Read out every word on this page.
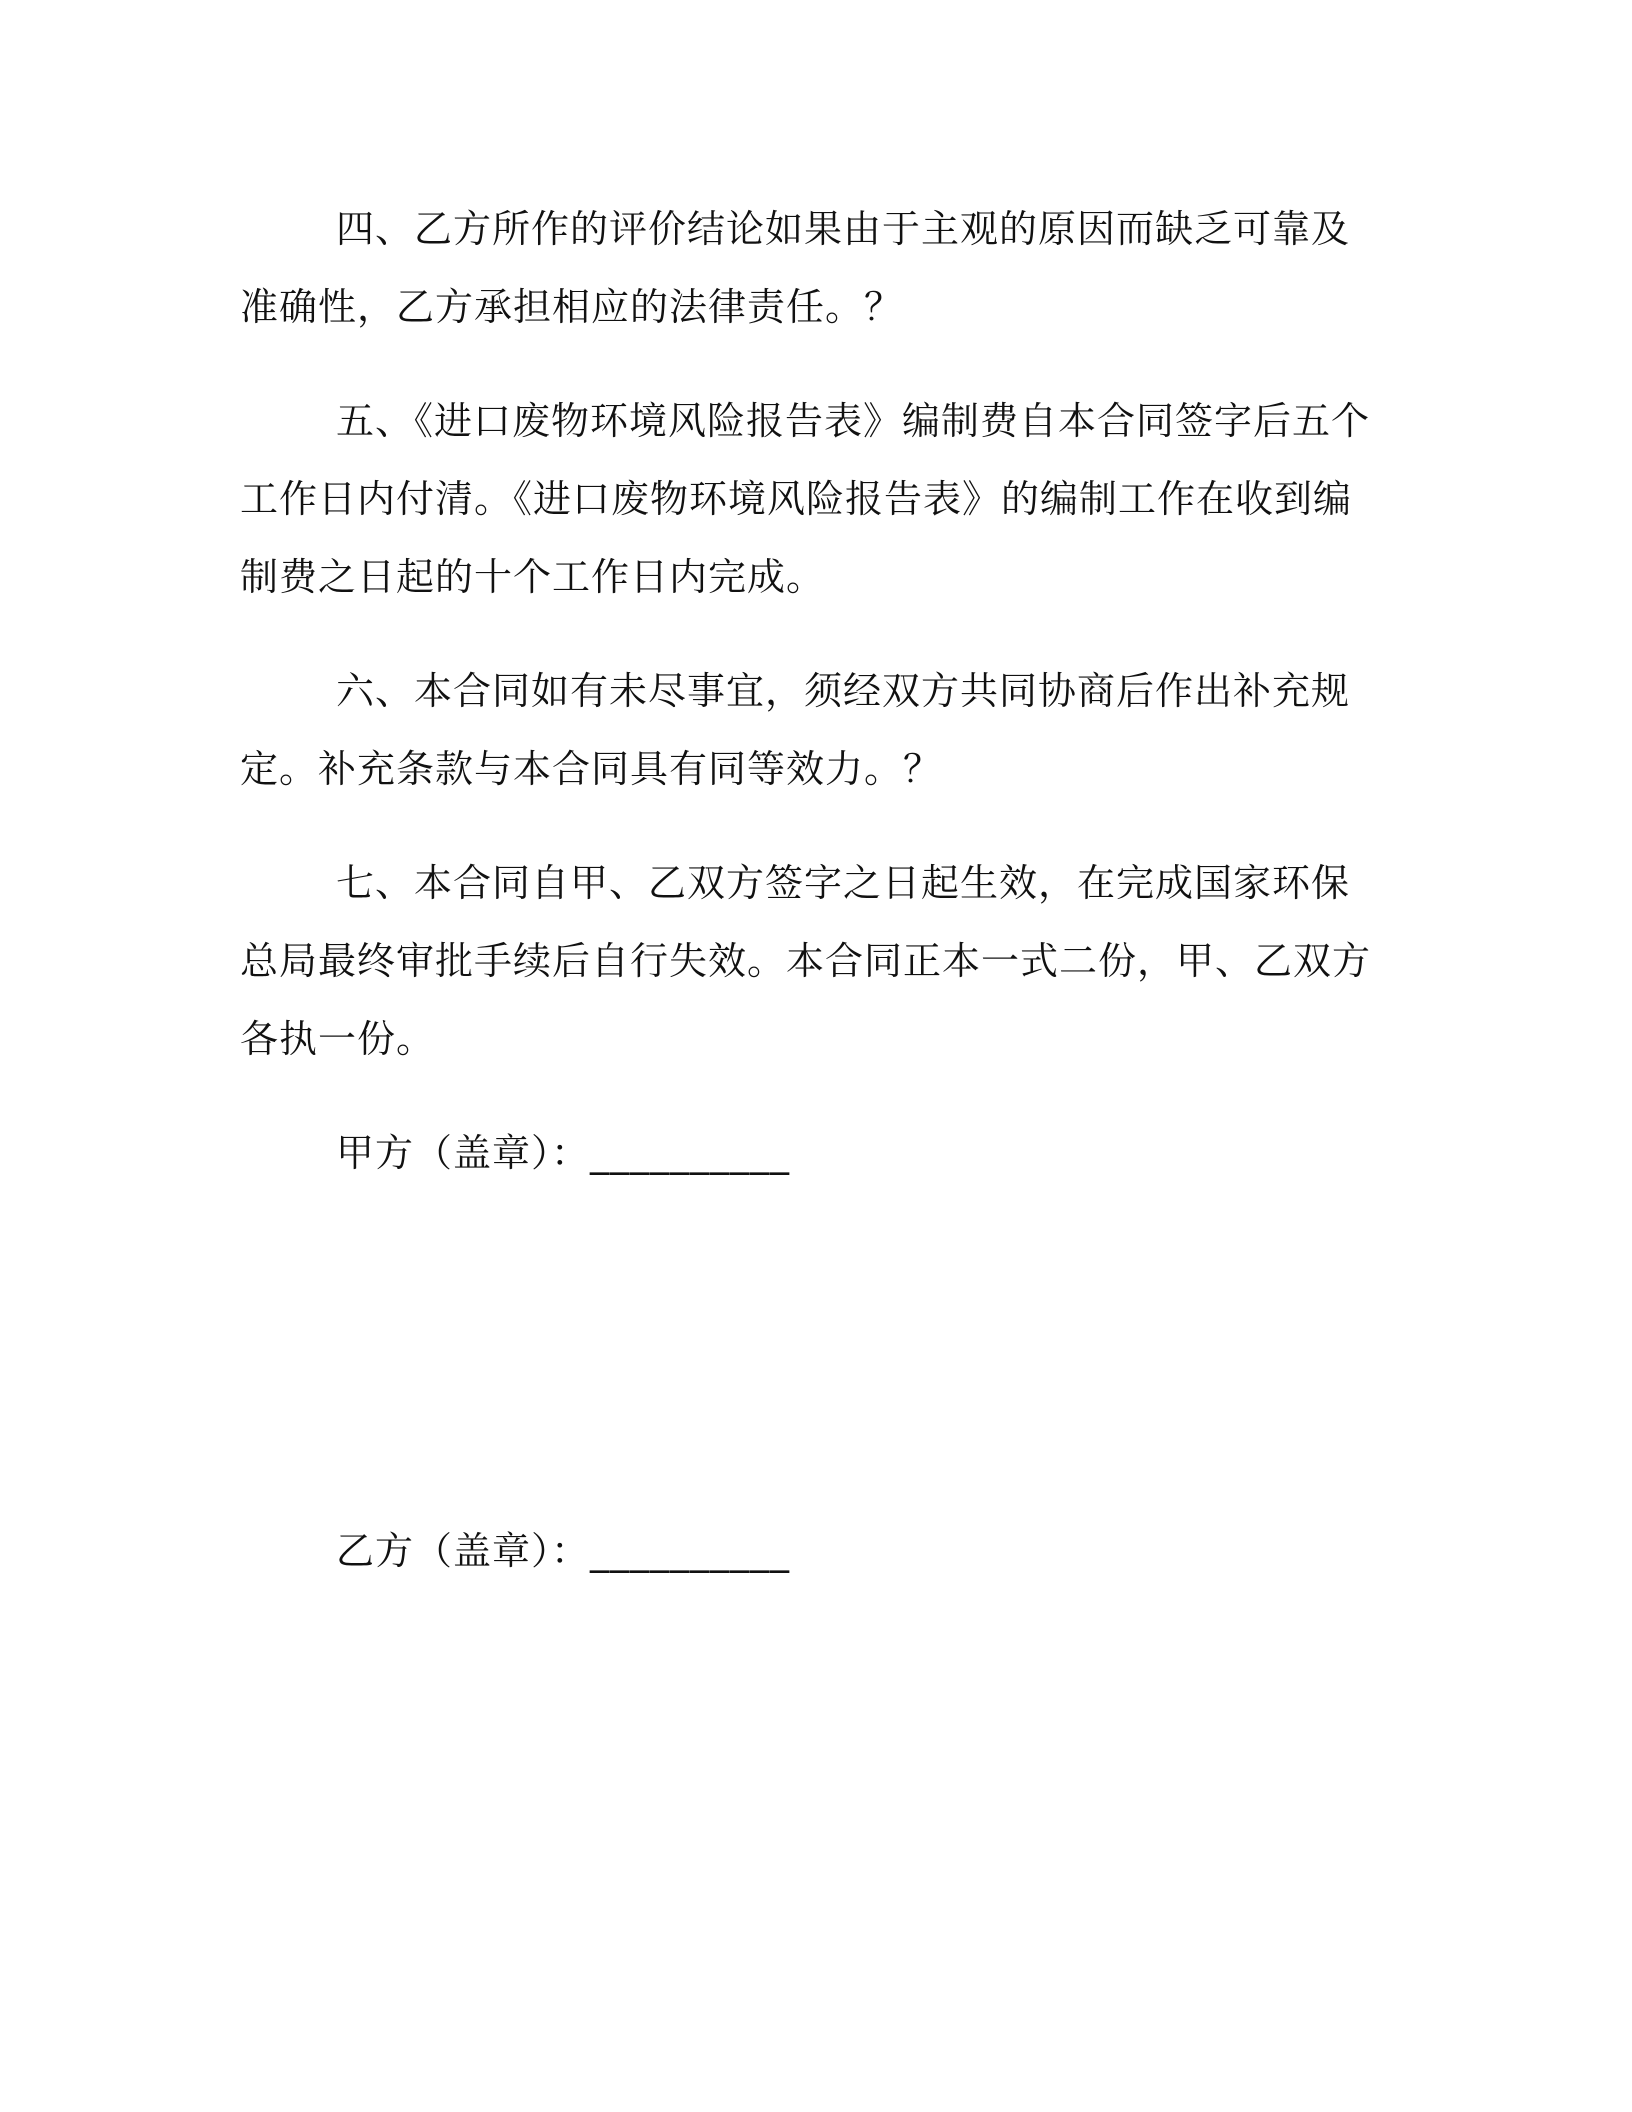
四、乙方所作的评价结论如果由于主观的原因而缺乏可靠及准确性，乙方承担相应的法律责任。？

五、《进口废物环境风险报告表》编制费自本合同签字后五个工作日内付清。《进口废物环境风险报告表》的编制工作在收到编制费之日起的十个工作日内完成。

六、本合同如有未尽事宜，须经双方共同协商后作出补充规定。补充条款与本合同具有同等效力。？

七、本合同自甲、乙双方签字之日起生效，在完成国家环保总局最终审批手续后自行失效。本合同正本一式二份，甲、乙双方各执一份。

甲方（盖章）：__________

乙方（盖章）：__________
